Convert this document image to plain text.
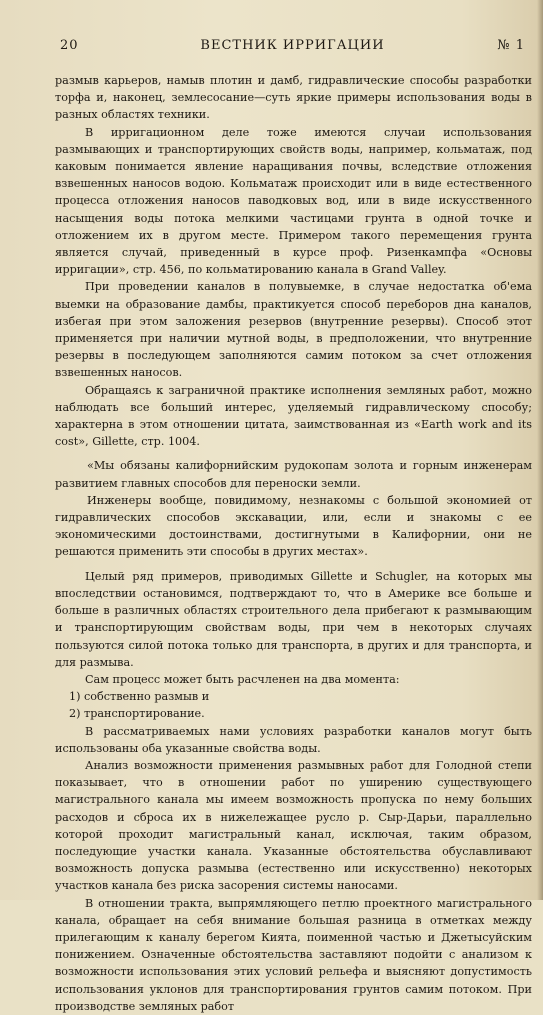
20	ВЕСТНИК ИРРИГАЦИИ	№ 1

размыв карьеров, намыв плотин и дамб, гидравлические способы разработки торфа и, наконец, землесосание—суть яркие примеры использования воды в разных областях техники.

В ирригационном деле тоже имеются случаи использования размывающих и транспортирующих свойств воды, например, кольматаж, под каковым понимается явление наращивания почвы, вследствие отложения взвешенных наносов водою. Кольматаж происходит или в виде естественного процесса отложения наносов паводковых вод, или в виде искусственного насыщения воды потока мелкими частицами грунта в одной точке и отложением их в другом месте. Примером такого перемещения грунта является случай, приведенный в курсе проф. Ризенкампфа «Основы ирригации», стр. 456, по кольматированию канала в Grand Valley.

При проведении каналов в полувыемке, в случае недостатка об'ема выемки на образование дамбы, практикуется способ переборов дна каналов, избегая при этом заложения резервов (внутренние резервы). Способ этот применяется при наличии мутной воды, в предположении, что внутренние резервы в последующем заполняются самим потоком за счет отложения взвешенных наносов.

Обращаясь к заграничной практике исполнения земляных работ, можно наблюдать все больший интерес, уделяемый гидравлическому способу; характерна в этом отношении цитата, заимствованная из «Earth work and its cost», Gillette, стр. 1004.

«Мы обязаны калифорнийским рудокопам золота и горным инженерам развитием главных способов для переноски земли.

Инженеры вообще, повидимому, незнакомы с большой экономией от гидравлических способов экскавации, или, если и знакомы с ее экономическими достоинствами, достигнутыми в Калифорнии, они не решаются применить эти способы в других местах».

Целый ряд примеров, приводимых Gillette и Schugler, на которых мы впоследствии остановимся, подтверждают то, что в Америке все больше и больше в различных областях строительного дела прибегают к размывающим и транспортирующим свойствам воды, при чем в некоторых случаях пользуются силой потока только для транспорта, в других и для транспорта, и для размыва.

Сам процесс может быть расчленен на два момента:

1) собственно размыв и

2) транспортирование.

В рассматриваемых нами условиях разработки каналов могут быть использованы оба указанные свойства воды.

Анализ возможности применения размывных работ для Голодной степи показывает, что в отношении работ по уширению существующего магистрального канала мы имеем возможность пропуска по нему больших расходов и сброса их в нижележащее русло р. Сыр-Дарьи, параллельно которой проходит магистральный канал, исключая, таким образом, последующие участки канала. Указанные обстоятельства обуславливают возможность допуска размыва (естественно или искусственно) некоторых участков канала без риска засорения системы наносами.

В отношении тракта, выпрямляющего петлю проектного магистрального канала, обращает на себя внимание большая разница в отметках между прилегающим к каналу берегом Кията, поименной частью и Джетысуйским понижением. Означенные обстоятельства заставляют подойти с анализом к возможности использования этих условий рельефа и выясняют допустимость использования уклонов для транспортирования грунтов самим потоком. При производстве земляных работ
